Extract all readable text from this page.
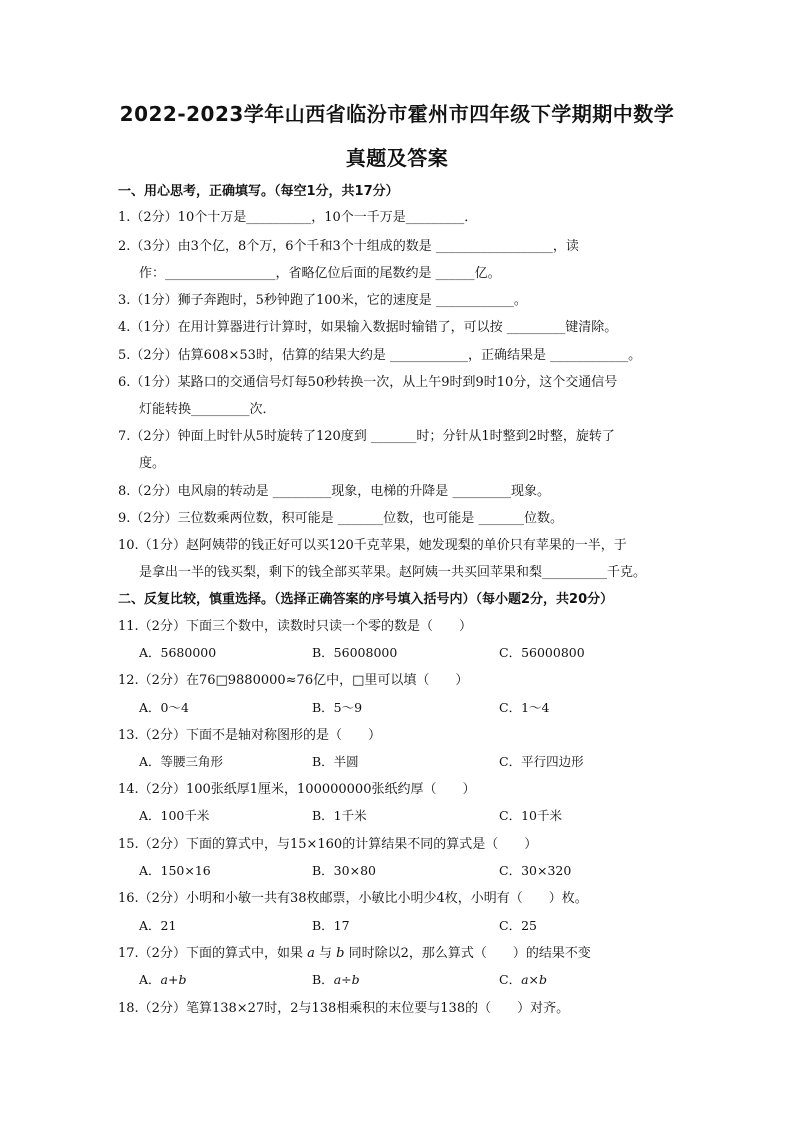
2022-2023学年山西省临汾市霍州市四年级下学期期中数学
真题及答案
一、用心思考，正确填写。（每空1分，共17分）
1.（2分）10个十万是__________，10个一千万是_________．
2.（3分）由3个亿，8个万，6个千和3个十组成的数是 __________________，读
作：_________________，省略亿位后面的尾数约是 ______亿。
3.（1分）狮子奔跑时，5秒钟跑了100米，它的速度是 ____________。
4.（1分）在用计算器进行计算时，如果输入数据时输错了，可以按 _________键清除。
5.（2分）估算608×53时，估算的结果大约是 ____________，正确结果是 ____________。
6.（1分）某路口的交通信号灯每50秒转换一次，从上午9时到9时10分，这个交通信号
灯能转换_________次．
7.（2分）钟面上时针从5时旋转了120度到 _______时；分针从1时整到2时整，旋转了
度。
8.（2分）电风扇的转动是 _________现象，电梯的升降是 _________现象。
9.（2分）三位数乘两位数，积可能是 _______位数，也可能是 _______位数。
10.（1分）赵阿姨带的钱正好可以买120千克苹果，她发现梨的单价只有苹果的一半，于
是拿出一半的钱买梨，剩下的钱全部买苹果。赵阿姨一共买回苹果和梨__________千克。
二、反复比较，慎重选择。（选择正确答案的序号填入括号内）（每小题2分，共20分）
11.（2分）下面三个数中，读数时只读一个零的数是（　　）
A．5680000	B．56008000	C．56000800
12.（2分）在76□9880000≈76亿中，□里可以填（　　）
A．0～4	B．5～9	C．1～4
13.（2分）下面不是轴对称图形的是（　　）
A．等腰三角形	B．半圆	C．平行四边形
14.（2分）100张纸厚1厘米，100000000张纸约厚（　　）
A．100千米	B．1千米	C．10千米
15.（2分）下面的算式中，与15×160的计算结果不同的算式是（　　）
A．150×16	B．30×80	C．30×320
16.（2分）小明和小敏一共有38枚邮票，小敏比小明少4枚，小明有（　　）枚。
A．21	B．17	C．25
17.（2分）下面的算式中，如果 a 与 b 同时除以2，那么算式（　　）的结果不变
A．a+b	B．a÷b	C．a×b
18.（2分）笔算138×27时，2与138相乘积的末位要与138的（　　）对齐。
